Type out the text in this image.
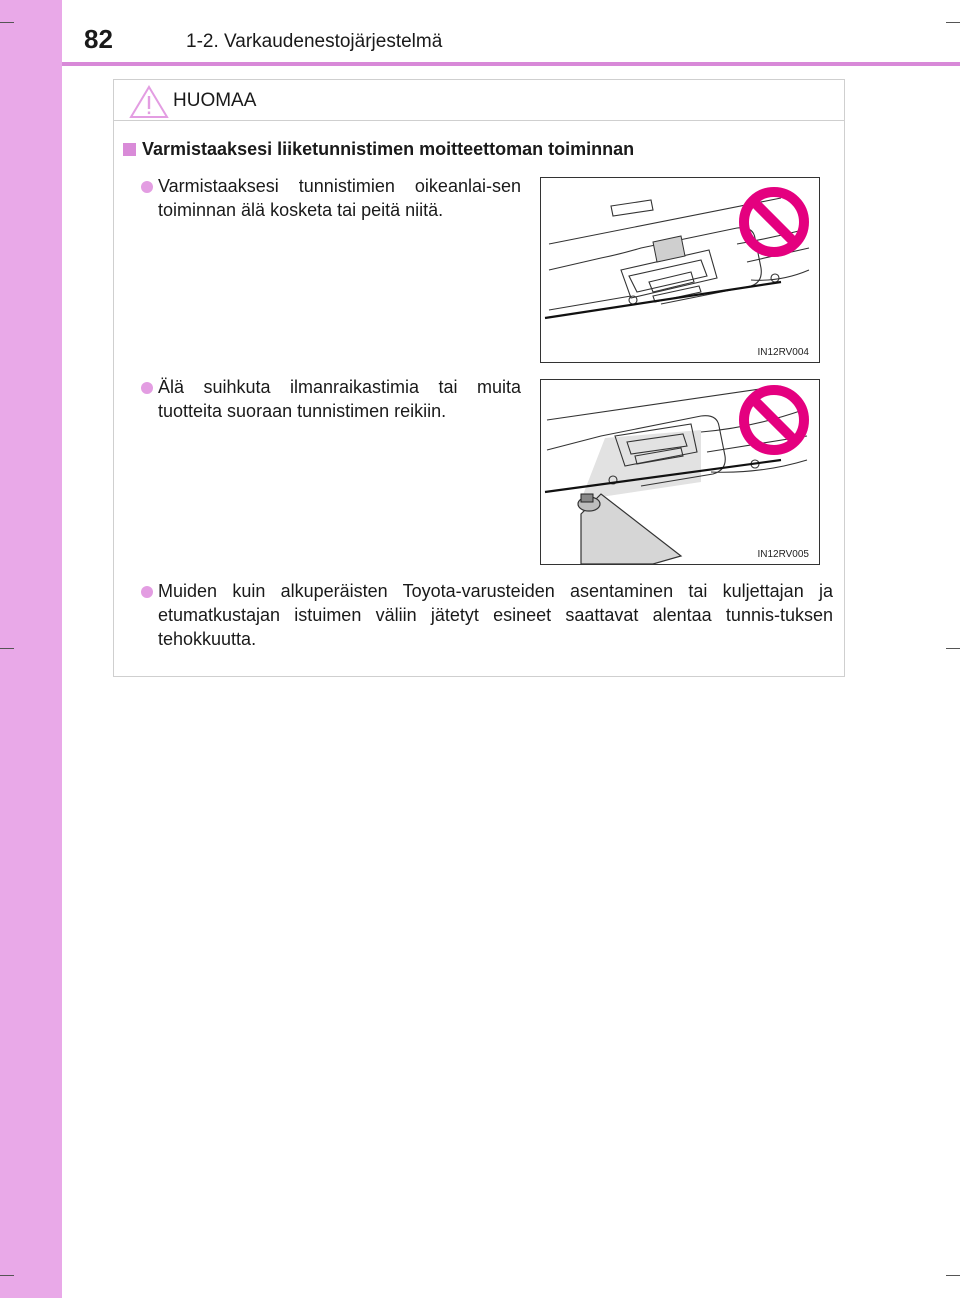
82	1-2. Varkaudenestojärjestelmä
HUOMAA
Varmistaaksesi liiketunnistimen moitteettoman toiminnan

Varmistaaksesi tunnistimien oikeanlai-sen toiminnan älä kosketa tai peitä niitä.

IN12RV004

Älä suihkuta ilmanraikastimia tai muita tuotteita suoraan tunnistimen reikiin.

IN12RV005

Muiden kuin alkuperäisten Toyota-varusteiden asentaminen tai kuljettajan ja etumatkustajan istuimen väliin jätetyt esineet saattavat alentaa tunnis-tuksen tehokkuutta.
